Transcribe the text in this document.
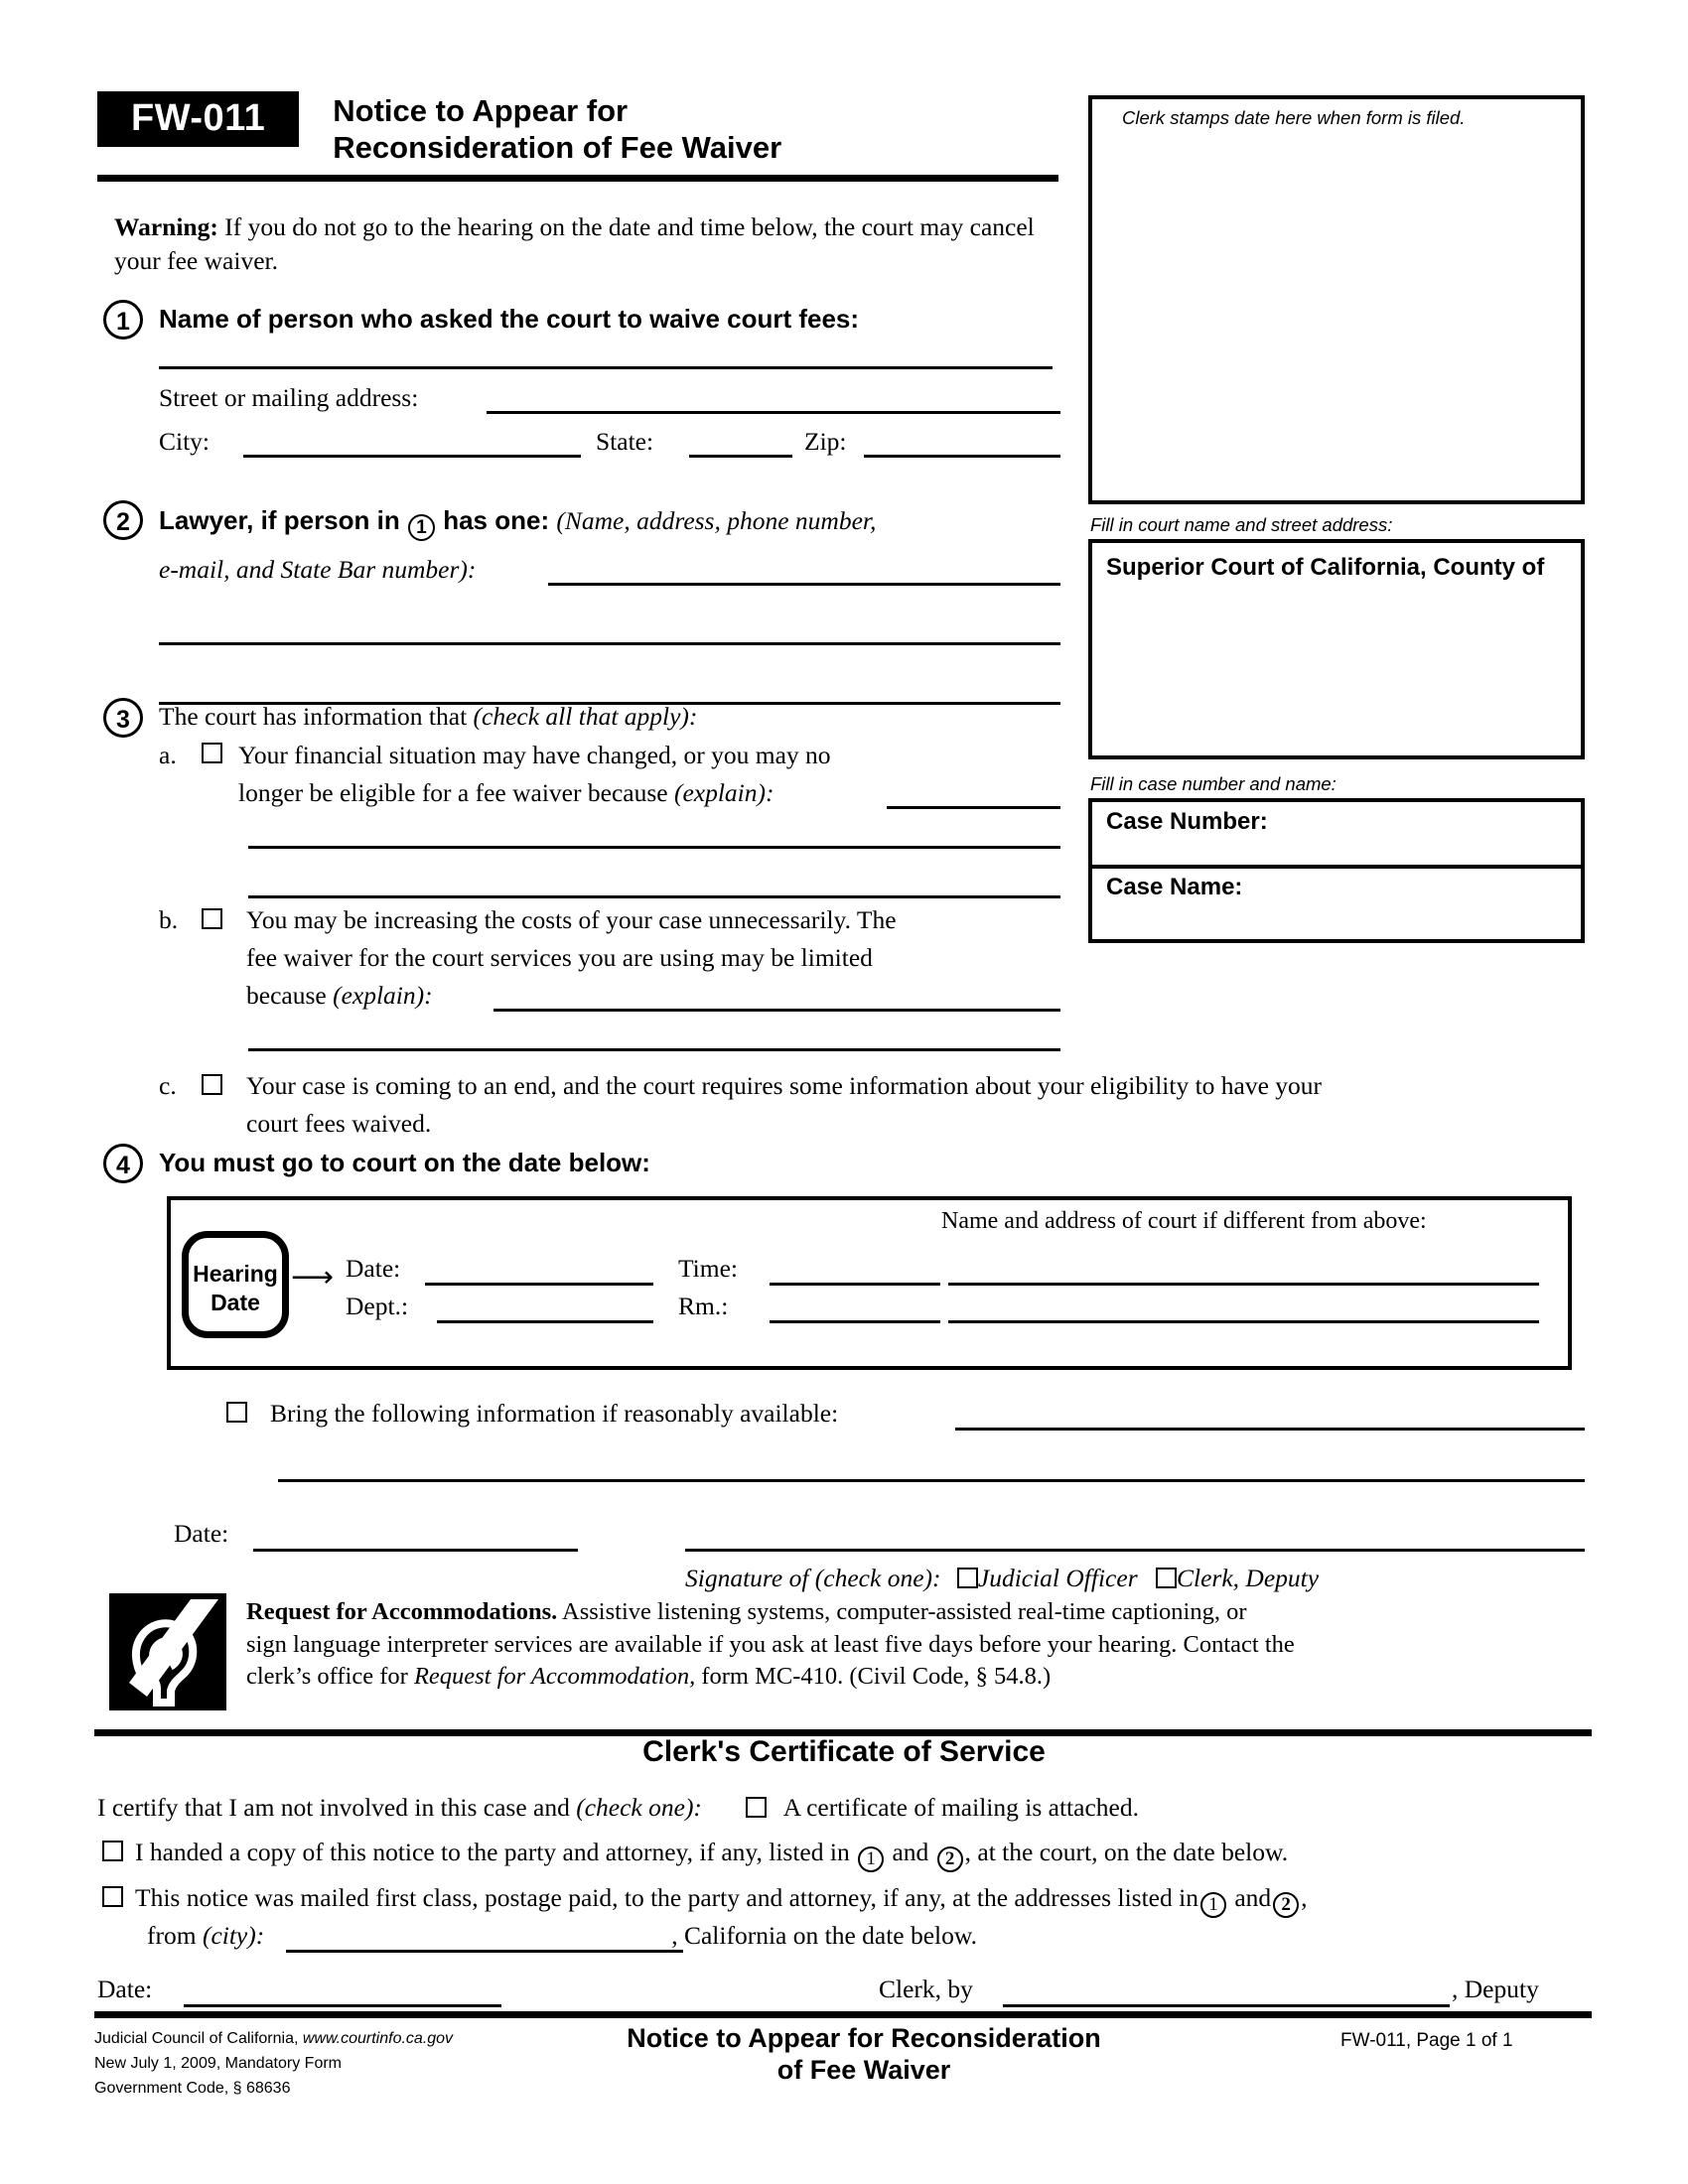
FW-011 Notice to Appear for
Reconsideration of Fee Waiver
Warning: If you do not go to the hearing on the date and time below, the court may cancel your fee waiver.
1	Name of person who asked the court to waive court fees:
Street or mailing address:
City:	State:	Zip:
2	Lawyer, if person in 1 has one: (Name, address, phone number,
e-mail, and State Bar number):
3	The court has information that (check all that apply):
a. Your financial situation may have changed, or you may no
longer be eligible for a fee waiver because (explain):
b.	You may be increasing the costs of your case unnecessarily. The
fee waiver for the court services you are using may be limited
because (explain):
c.	Your case is coming to an end, and the court requires some information about your eligibility to have your
court fees waived.
4	You must go to court on the date below:
Hearing
Date
⟶ Date:	Time:
Dept.:	Rm.:
Name and address of court if different from above:
Bring the following information if reasonably available:
Date:
Signature of (check one): Judicial Officer Clerk, Deputy
Request for Accommodations. Assistive listening systems, computer-assisted real-time captioning, or
sign language interpreter services are available if you ask at least five days before your hearing. Contact the
clerk’s office for Request for Accommodation, form MC-410. (Civil Code, § 54.8.)
Clerk's Certificate of Service
I certify that I am not involved in this case and (check one):	A certificate of mailing is attached.
I handed a copy of this notice to the party and attorney, if any, listed in 1 and 2 , at the court, on the date below.
This notice was mailed first class, postage paid, to the party and attorney, if any, at the addresses listed in 1 and 2 ,
from (city):	, California on the date below.
Date:	Clerk, by	, Deputy
Judicial Council of California, www.courtinfo.ca.gov
New July 1, 2009, Mandatory Form
Government Code, § 68636
Notice to Appear for Reconsideration
of Fee Waiver
FW-011, Page 1 of 1
Clerk stamps date here when form is filed.
Fill in court name and street address:
Superior Court of California, County of
Fill in case number and name:
Case Number:
Case Name:
